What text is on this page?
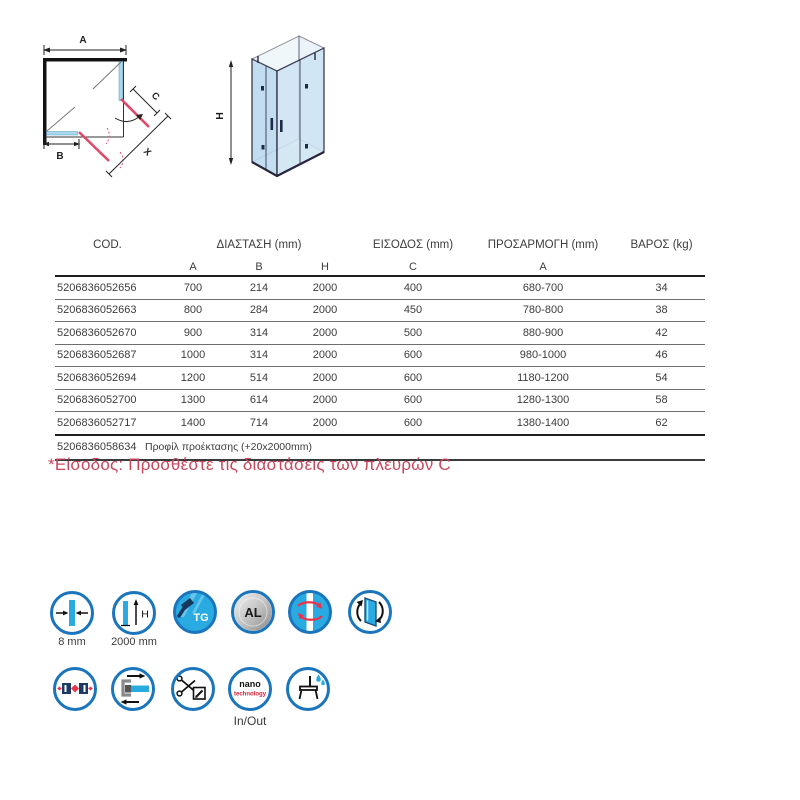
A
C
X
B
H
COD.	ΔΙΑΣΤΑΣΗ (mm)	ΕΙΣΟΔΟΣ (mm)	ΠΡΟΣΑΡΜΟΓΗ (mm)	ΒΑΡΟΣ (kg)
A	B	H	C	A
5206836052656	700	214	2000	400	680-700	34
5206836052663	800	284	2000	450	780-800	38
5206836052670	900	314	2000	500	880-900	42
5206836052687	1000	314	2000	600	980-1000	46
5206836052694	1200	514	2000	600	1180-1200	54
5206836052700	1300	614	2000	600	1280-1300	58
5206836052717	1400	714	2000	600	1380-1400	62
5206836058634 Προφίλ προέκτασης (+20x2000mm)
*Είσοδος: Προσθέστε τις διαστάσεις των πλευρών C
8 mm
H
2000 mm
TG	AL
nano
technology
In/Out
